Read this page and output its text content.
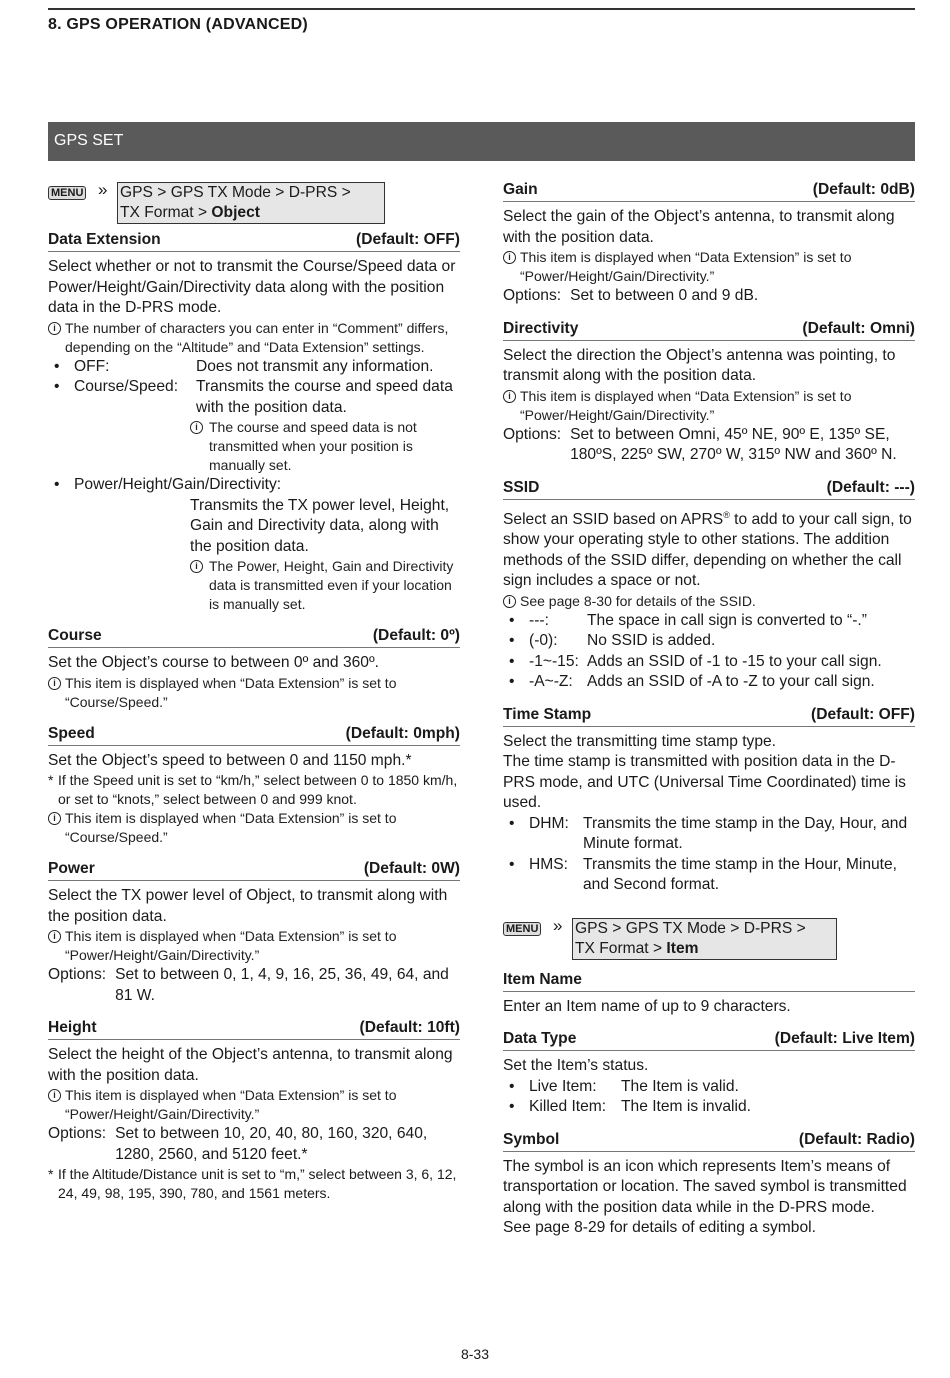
8. GPS OPERATION (ADVANCED)
GPS SET
MENU » GPS > GPS TX Mode > D-PRS >
TX Format > Object
Data Extension	(Default: OFF)

Select whether or not to transmit the Course/Speed data or Power/Height/Gain/Directivity data along with the position data in the D-PRS mode.

i The number of characters you can enter in “Comment” differs, depending on the “Altitude” and “Data Extension” settings.
• OFF:	Does not transmit any information.
• Course/Speed:	Transmits the course and speed data with the position data.
i The course and speed data is not transmitted when your position is manually set.
• Power/Height/Gain/Directivity:

Transmits the TX power level, Height, Gain and Directivity data, along with the position data.

i The Power, Height, Gain and Directivity data is transmitted even if your location is manually set.
Course	(Default: 0º)

Set the Object’s course to between 0º and 360º.

i This item is displayed when “Data Extension” is set to “Course/Speed.”
Speed	(Default: 0mph)

Set the Object’s speed to between 0 and 1150 mph.*

* If the Speed unit is set to “km/h,” select between 0 to 1850 km/h, or set to “knots,” select between 0 and 999 knot.
i This item is displayed when “Data Extension” is set to “Course/Speed.”
Power	(Default: 0W)

Select the TX power level of Object, to transmit along with the position data.

i This item is displayed when “Data Extension” is set to “Power/Height/Gain/Directivity.”
Options: Set to between 0, 1, 4, 9, 16, 25, 36, 49, 64, and 81 W.
Height	(Default: 10ft)

Select the height of the Object’s antenna, to transmit along with the position data.

i This item is displayed when “Data Extension” is set to “Power/Height/Gain/Directivity.”
Options: Set to between 10, 20, 40, 80, 160, 320, 640, 1280, 2560, and 5120 feet.*
* If the Altitude/Distance unit is set to “m,” select between 3, 6, 12, 24, 49, 98, 195, 390, 780, and 1561 meters.
Gain	(Default: 0dB)

Select the gain of the Object’s antenna, to transmit along with the position data.

i This item is displayed when “Data Extension” is set to “Power/Height/Gain/Directivity.”
Options: Set to between 0 and 9 dB.
Directivity	(Default: Omni)

Select the direction the Object’s antenna was pointing, to transmit along with the position data.

i This item is displayed when “Data Extension” is set to “Power/Height/Gain/Directivity.”
Options: Set to between Omni, 45º NE, 90º E, 135º SE, 180ºS, 225º SW, 270º W, 315º NW and 360º N.
SSID	(Default: ---)

Select an SSID based on APRS® to add to your call sign, to show your operating style to other stations. The addition methods of the SSID differ, depending on whether the call sign includes a space or not.

i See page 8-30 for details of the SSID.
• ---:	The space in call sign is converted to “-.”
• (-0):	No SSID is added.
• -1~-15: Adds an SSID of -1 to -15 to your call sign.
• -A~-Z: Adds an SSID of -A to -Z to your call sign.
Time Stamp	(Default: OFF)

Select the transmitting time stamp type.

The time stamp is transmitted with position data in the D-PRS mode, and UTC (Universal Time Coordinated) time is used.

• DHM: Transmits the time stamp in the Day, Hour, and Minute format.
• HMS: Transmits the time stamp in the Hour, Minute, and Second format.
MENU » GPS > GPS TX Mode > D-PRS >
TX Format > Item
Item Name

Enter an Item name of up to 9 characters.

Data Type	(Default: Live Item)

Set the Item’s status.

• Live Item:	The Item is valid.
• Killed Item: The Item is invalid.
Symbol	(Default: Radio)

The symbol is an icon which represents Item’s means of transportation or location. The saved symbol is transmitted along with the position data while in the D-PRS mode.

See page 8-29 for details of editing a symbol.

8-33
